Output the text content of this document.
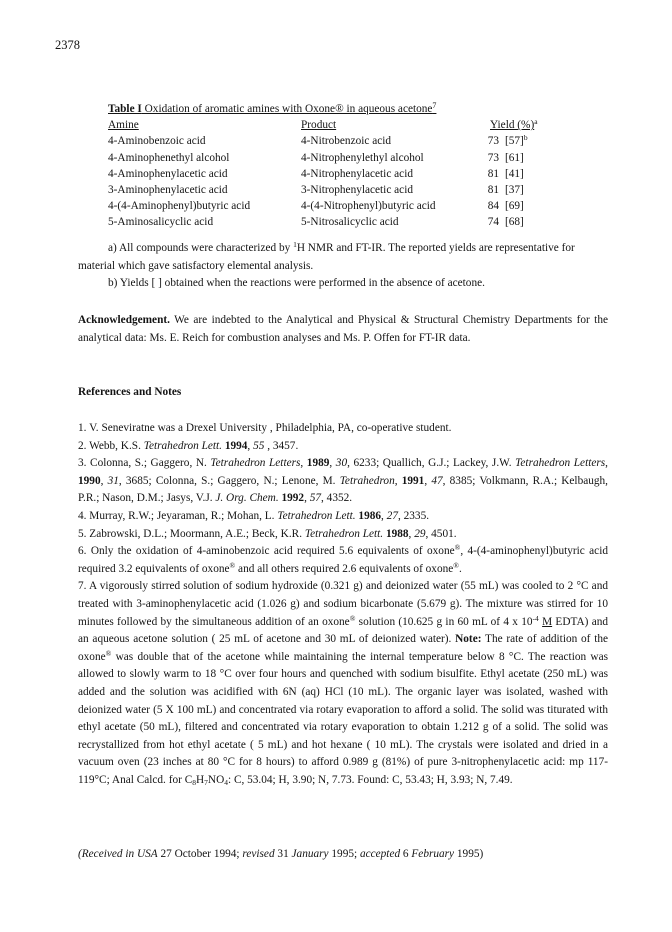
2378
Table I Oxidation of aromatic amines with Oxone® in aqueous acetone$^7$
Amine	Product	Yield (%)$^a$
4-Aminobenzoic acid	4-Nitrobenzoic acid	73 $[57]^b$
4-Aminophenethyl alcohol	4-Nitrophenylethyl alcohol	73 [61]
4-Aminophenylacetic acid	4-Nitrophenylacetic acid	81 [41]
3-Aminophenylacetic acid	3-Nitrophenylacetic acid	81 [37]
4-(4-Aminophenyl)butyric acid	4-(4-Nitrophenyl)butyric acid	84 [69]
5-Aminosalicyclic acid	5-Nitrosalicyclic acid	74 [68]

a) All compounds were characterized by $^1$H NMR and FT-IR. The reported yields are representative for

material which gave satisfactory elemental analysis.

b) Yields [ ] obtained when the reactions were performed in the absence of acetone.

Acknowledgement. We are indebted to the Analytical and Physical & Structural Chemistry Departments for the analytical data: Ms. E. Reich for combustion analyses and Ms. P. Offen for FT-IR data.
References and Notes

1. V. Seneviratne was a Drexel University , Philadelphia, PA, co-operative student.

2. Webb, K.S. Tetrahedron Lett. 1994, 55 , 3457.

3. Colonna, S.; Gaggero, N. Tetrahedron Letters, 1989, 30, 6233; Quallich, G.J.; Lackey, J.W. Tetrahedron Letters, 1990, 31, 3685; Colonna, S.; Gaggero, N.; Lenone, M. Tetrahedron, 1991, 47, 8385; Volkmann, R.A.; Kelbaugh, P.R.; Nason, D.M.; Jasys, V.J. J. Org. Chem. 1992, 57, 4352.

4. Murray, R.W.; Jeyaraman, R.; Mohan, L. Tetrahedron Lett. 1986, 27, 2335.

5. Zabrowski, D.L.; Moormann, A.E.; Beck, K.R. Tetrahedron Lett. 1988, 29, 4501.

6. Only the oxidation of 4-aminobenzoic acid required 5.6 equivalents of oxone®, 4-(4-aminophenyl)butyric acid required 3.2 equivalents of oxone® and all others required 2.6 equivalents of oxone®.

7. A vigorously stirred solution of sodium hydroxide (0.321 g) and deionized water (55 mL) was cooled to 2 °C and treated with 3-aminophenylacetic acid (1.026 g) and sodium bicarbonate (5.679 g). The mixture was stirred for 10 minutes followed by the simultaneous addition of an oxone® solution (10.625 g in 60 mL of 4 x $10^{-4}$ M EDTA) and an aqueous acetone solution ( 25 mL of acetone and 30 mL of deionized water). Note: The rate of addition of the oxone® was double that of the acetone while maintaining the internal temperature below 8 °C. The reaction was allowed to slowly warm to 18 °C over four hours and quenched with sodium bisulfite. Ethyl acetate (250 mL) was added and the solution was acidified with 6N (aq) HCl (10 mL). The organic layer was isolated, washed with deionized water (5 X 100 mL) and concentrated via rotary evaporation to afford a solid. The solid was titurated with ethyl acetate (50 mL), filtered and concentrated via rotary evaporation to obtain 1.212 g of a solid. The solid was recrystallized from hot ethyl acetate ( 5 mL) and hot hexane ( 10 mL). The crystals were isolated and dried in a vacuum oven (23 inches at 80 °C for 8 hours) to afford 0.989 g (81%) of pure 3-nitrophenylacetic acid: mp 117-119°C; Anal Calcd. for $C_8H_7NO_4$: C, 53.04; H, 3.90; N, 7.73. Found: C, 53.43; H, 3.93; N, 7.49.

(Received in USA 27 October 1994; revised 31 January 1995; accepted 6 February 1995)
